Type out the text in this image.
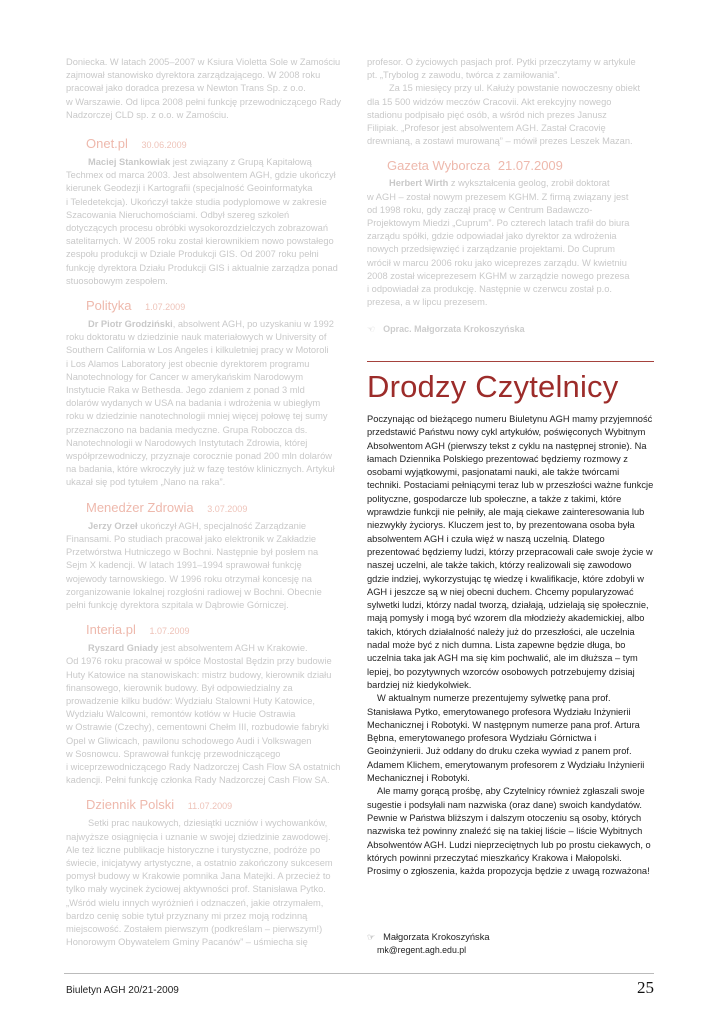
Doniecka. W latach 2005–2007 w Ksiura Violetta Sole w Zamościu

zajmował stanowisko dyrektora zarządzającego. W 2008 roku

pracował jako doradca prezesa w Newton Trans Sp. z o.o.

w Warszawie. Od lipca 2008 pełni funkcję przewodniczącego Rady

Nadzorczej CLD sp. z o.o. w Zamościu.

Onet.pl 30.06.2009

Maciej Stankowiak jest związany z Grupą Kapitałową

Techmex od marca 2003. Jest absolwentem AGH, gdzie ukończył

kierunek Geodezji i Kartografii (specjalność Geoinformatyka

i Teledetekcja). Ukończył także studia podyplomowe w zakresie

Szacowania Nieruchomościami. Odbył szereg szkoleń

dotyczących procesu obróbki wysokorozdzielczych zobrazowań

satelitarnych. W 2005 roku został kierownikiem nowo powstałego

zespołu produkcji w Dziale Produkcji GIS. Od 2007 roku pełni

funkcję dyrektora Działu Produkcji GIS i aktualnie zarządza ponad

stuosobowym zespołem.

Polityka 1.07.2009

Dr Piotr Grodziński, absolwent AGH, po uzyskaniu w 1992

roku doktoratu w dziedzinie nauk materiałowych w University of

Southern California w Los Angeles i kilkuletniej pracy w Motoroli

i Los Alamos Laboratory jest obecnie dyrektorem programu

Nanotechnology for Cancer w amerykańskim Narodowym

Instytucie Raka w Bethesda. Jego zdaniem z ponad 3 mld

dolarów wydanych w USA na badania i wdrożenia w ubiegłym

roku w dziedzinie nanotechnologii mniej więcej połowę tej sumy

przeznaczono na badania medyczne. Grupa Roboczca ds.

Nanotechnologii w Narodowych Instytutach Zdrowia, której

współprzewodniczy, przyznaje corocznie ponad 200 mln dolarów

na badania, które wkroczyły już w fazę testów klinicznych. Artykuł

ukazał się pod tytułem „Nano na raka”.

Menedżer Zdrowia 3.07.2009

Jerzy Orzeł ukończył AGH, specjalność Zarządzanie

Finansami. Po studiach pracował jako elektronik w Zakładzie

Przetwórstwa Hutniczego w Bochni. Następnie był posłem na

Sejm X kadencji. W latach 1991–1994 sprawował funkcję

wojewody tarnowskiego. W 1996 roku otrzymał koncesję na

zorganizowanie lokalnej rozgłośni radiowej w Bochni. Obecnie

pełni funkcję dyrektora szpitala w Dąbrowie Górniczej.

Interia.pl 1.07.2009

Ryszard Gniady jest absolwentem AGH w Krakowie.

Od 1976 roku pracował w spółce Mostostal Będzin przy budowie

Huty Katowice na stanowiskach: mistrz budowy, kierownik działu

finansowego, kierownik budowy. Był odpowiedzialny za

prowadzenie kilku budów: Wydziału Stalowni Huty Katowice,

Wydziału Walcowni, remontów kotłów w Hucie Ostrawia

w Ostrawie (Czechy), cementowni Chełm III, rozbudowie fabryki

Opel w Gliwicach, pawilonu schodowego Audi i Volkswagen

w Sosnowcu. Sprawował funkcję przewodniczącego

i wiceprzewodniczącego Rady Nadzorczej Cash Flow SA ostatnich

kadencji. Pełni funkcję członka Rady Nadzorczej Cash Flow SA.

Dziennik Polski 11.07.2009

Setki prac naukowych, dziesiątki uczniów i wychowanków,

najwyższe osiągnięcia i uznanie w swojej dziedzinie zawodowej.

Ale też liczne publikacje historyczne i turystyczne, podróże po

świecie, inicjatywy artystyczne, a ostatnio zakończony sukcesem

pomysł budowy w Krakowie pomnika Jana Matejki. A przecież to

tylko mały wycinek życiowej aktywności prof. Stanisława Pytko.

„Wśród wielu innych wyróżnień i odznaczeń, jakie otrzymałem,

bardzo cenię sobie tytuł przyznany mi przez moją rodzinną

miejscowość. Zostałem pierwszym (podkreślam – pierwszym!)

Honorowym Obywatelem Gminy Pacanów” – uśmiecha się

profesor. O życiowych pasjach prof. Pytki przeczytamy w artykule

pt. „Trybolog z zawodu, twórca z zamiłowania”.

Za 15 miesięcy przy ul. Kałuży powstanie nowoczesny obiekt

dla 15 500 widzów meczów Cracovii. Akt erekcyjny nowego

stadionu podpisało pięć osób, a wśród nich prezes Janusz

Filipiak. „Profesor jest absolwentem AGH. Zastał Cracovię

drewnianą, a zostawi murowaną” – mówił prezes Leszek Mazan.

Gazeta Wyborcza 21.07.2009

Herbert Wirth z wykształcenia geolog, zrobił doktorat

w AGH – został nowym prezesem KGHM. Z firmą związany jest

od 1998 roku, gdy zaczął pracę w Centrum Badawczo-

Projektowym Miedzi „Cuprum”. Po czterech latach trafił do biura

zarządu spółki, gdzie odpowiadał jako dyrektor za wdrożenia

nowych przedsięwzięć i zarządzanie projektami. Do Cuprum

wrócił w marcu 2006 roku jako wiceprezes zarządu. W kwietniu

2008 został wiceprezesem KGHM w zarządzie nowego prezesa

i odpowiadał za produkcję. Następnie w czerwcu został p.o.

prezesa, a w lipcu prezesem.

☜ Oprac. Małgorzata Krokoszyńska
Drodzy Czytelnicy

Poczynając od bieżącego numeru Biuletynu AGH mamy przyjemność przedstawić Państwu nowy cykl artykułów, poświęconych Wybitnym Absolwentom AGH (pierwszy tekst z cyklu na następnej stronie). Na łamach Dziennika Polskiego prezentować będziemy rozmowy z osobami wyjątkowymi, pasjonatami nauki, ale także twórcami techniki. Postaciami pełniącymi teraz lub w przeszłości ważne funkcje polityczne, gospodarcze lub społeczne, a także z takimi, które wprawdzie funkcji nie pełniły, ale mają ciekawe zainteresowania lub niezwykły życiorys. Kluczem jest to, by prezentowana osoba była absolwentem AGH i czuła więź w naszą uczelnią. Dlatego prezentować będziemy ludzi, którzy przepracowali całe swoje życie w naszej uczelni, ale także takich, którzy realizowali się zawodowo gdzie indziej, wykorzystując tę wiedzę i kwalifikacje, które zdobyli w AGH i jeszcze są w niej obecni duchem. Chcemy popularyzować sylwetki ludzi, którzy nadal tworzą, działają, udzielają się społecznie, mają pomysły i mogą być wzorem dla młodzieży akademickiej, albo takich, których działalność należy już do przeszłości, ale uczelnia nadal może być z nich dumna. Lista zapewne będzie długa, bo uczelnia taka jak AGH ma się kim pochwalić, ale im dłuższa – tym lepiej, bo pozytywnych wzorców osobowych potrzebujemy dzisiaj bardziej niż kiedykolwiek.

W aktualnym numerze prezentujemy sylwetkę pana prof. Stanisława Pytko, emerytowanego profesora Wydziału Inżynierii Mechanicznej i Robotyki. W następnym numerze pana prof. Artura Bębna, emerytowanego profesora Wydziału Górnictwa i Geoinżynierii. Już oddany do druku czeka wywiad z panem prof. Adamem Klichem, emerytowanym profesorem z Wydziału Inżynierii Mechanicznej i Robotyki.

Ale mamy gorącą prośbę, aby Czytelnicy również zgłaszali swoje sugestie i podsyłali nam nazwiska (oraz dane) swoich kandydatów. Pewnie w Państwa bliższym i dalszym otoczeniu są osoby, których nazwiska też powinny znaleźć się na takiej liście – liście Wybitnych Absolwentów AGH. Ludzi nieprzeciętnych lub po prostu ciekawych, o których powinni przeczytać mieszkańcy Krakowa i Małopolski. Prosimy o zgłoszenia, każda propozycja będzie z uwagą rozważona!

☞ Małgorzata Krokoszyńska
mk@regent.agh.edu.pl
Biuletyn AGH 20/21-2009	25
